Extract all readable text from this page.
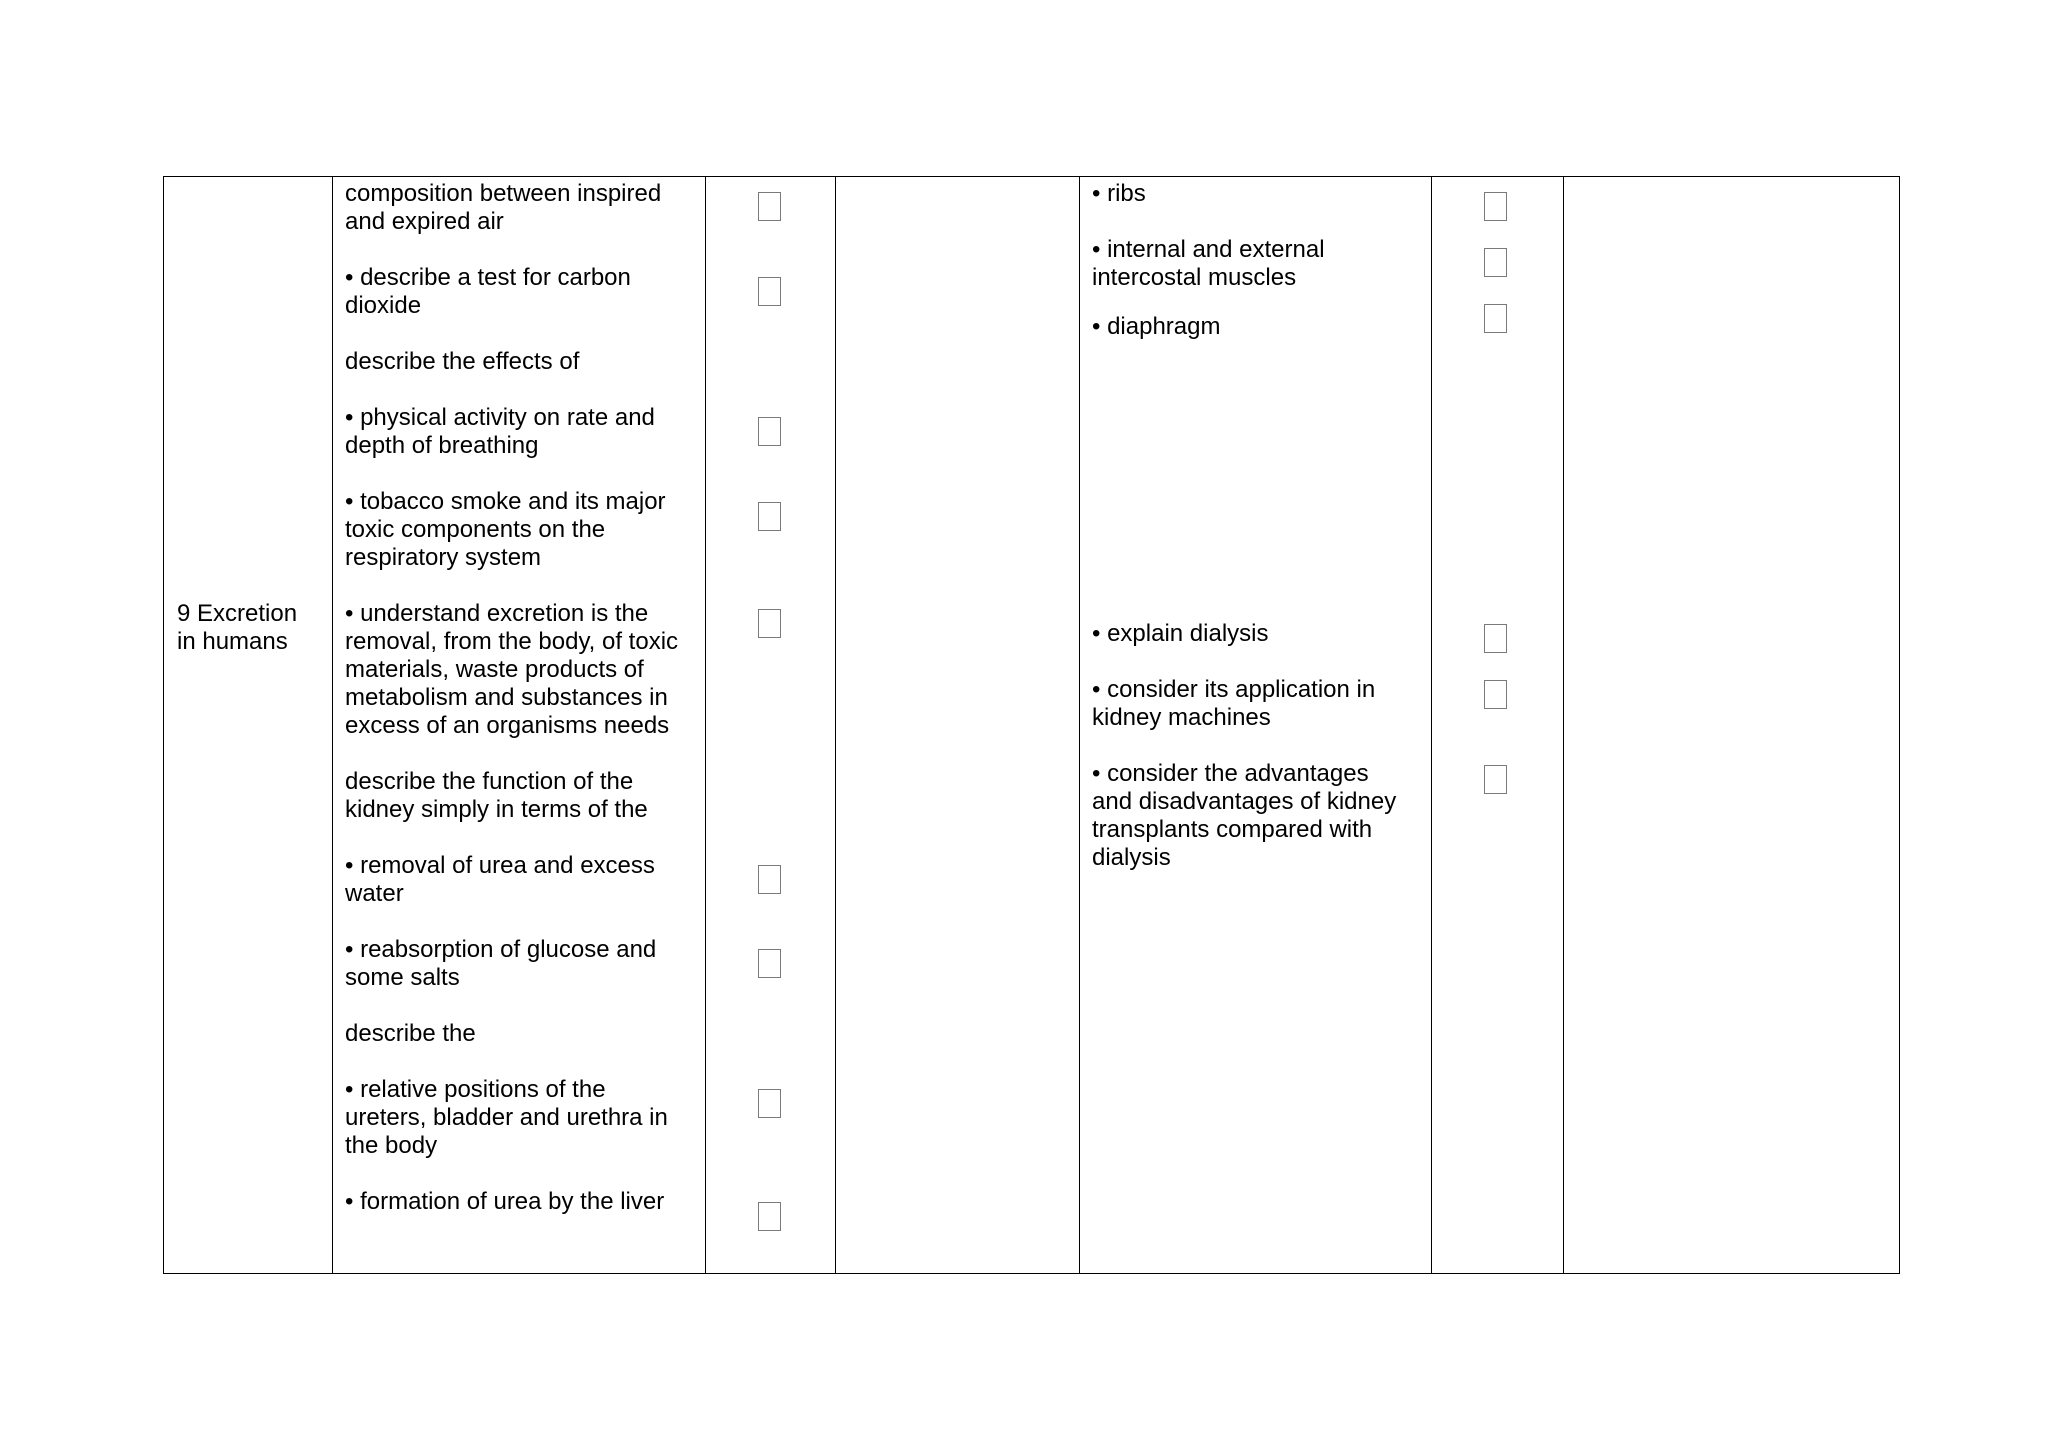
9 Excretion
in humans

composition between inspired
and expired air

• describe a test for carbon
dioxide

describe the effects of

• physical activity on rate and
depth of breathing

• tobacco smoke and its major
toxic components on the
respiratory system

• understand excretion is the
removal, from the body, of toxic
materials, waste products of
metabolism and substances in
excess of an organisms needs

describe the function of the
kidney simply in terms of the

• removal of urea and excess
water

• reabsorption of glucose and
some salts

describe the

• relative positions of the
ureters, bladder and urethra in
the body

• formation of urea by the liver

• ribs

• internal and external
intercostal muscles

• diaphragm

• explain dialysis

• consider its application in
kidney machines

• consider the advantages
and disadvantages of kidney
transplants compared with
dialysis
